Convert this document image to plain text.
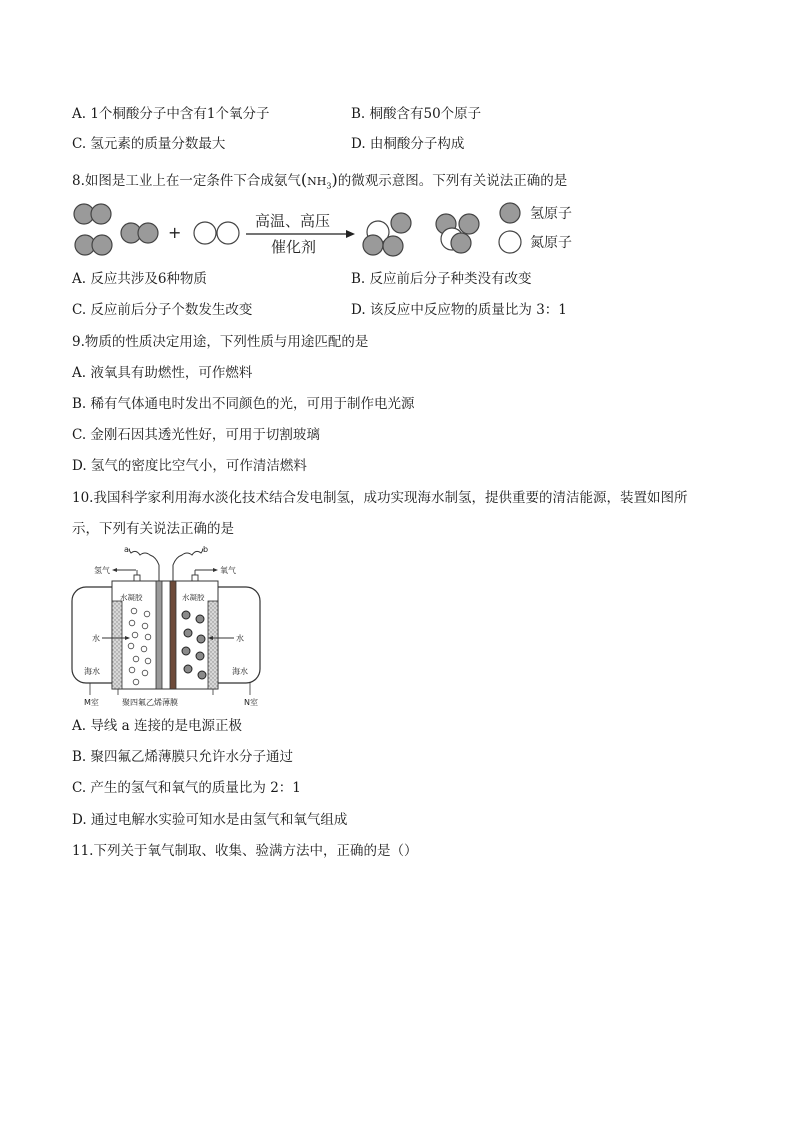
A. 1个桐酸分子中含有1个氧分子	B. 桐酸含有50个原子
C. 氢元素的质量分数最大	D. 由桐酸分子构成
8.如图是工业上在一定条件下合成氨气$(NH_3)$的微观示意图。下列有关说法正确的是
+
高温、高压
催化剂
氢原子
氮原子
A. 反应共涉及6种物质	B. 反应前后分子种类没有改变
C. 反应前后分子个数发生改变	D. 该反应中反应物的质量比为 3：1
9.物质的性质决定用途，下列性质与用途匹配的是
A. 液氧具有助燃性，可作燃料
B. 稀有气体通电时发出不同颜色的光，可用于制作电光源
C. 金刚石因其透光性好，可用于切割玻璃
D. 氢气的密度比空气小，可作清洁燃料
10.我国科学家利用海水淡化技术结合发电制氢，成功实现海水制氢，提供重要的清洁能源，装置如图所
示，下列有关说法正确的是
a	b
氢气	氧气
水凝胶	水凝胶
水	水
海水	海水
M室	N室
聚四氟乙烯薄膜
A. 导线 a 连接的是电源正极
B. 聚四氟乙烯薄膜只允许水分子通过
C. 产生的氢气和氧气的质量比为 2：1
D. 通过电解水实验可知水是由氢气和氧气组成
11.下列关于氧气制取、收集、验满方法中，正确的是（）
